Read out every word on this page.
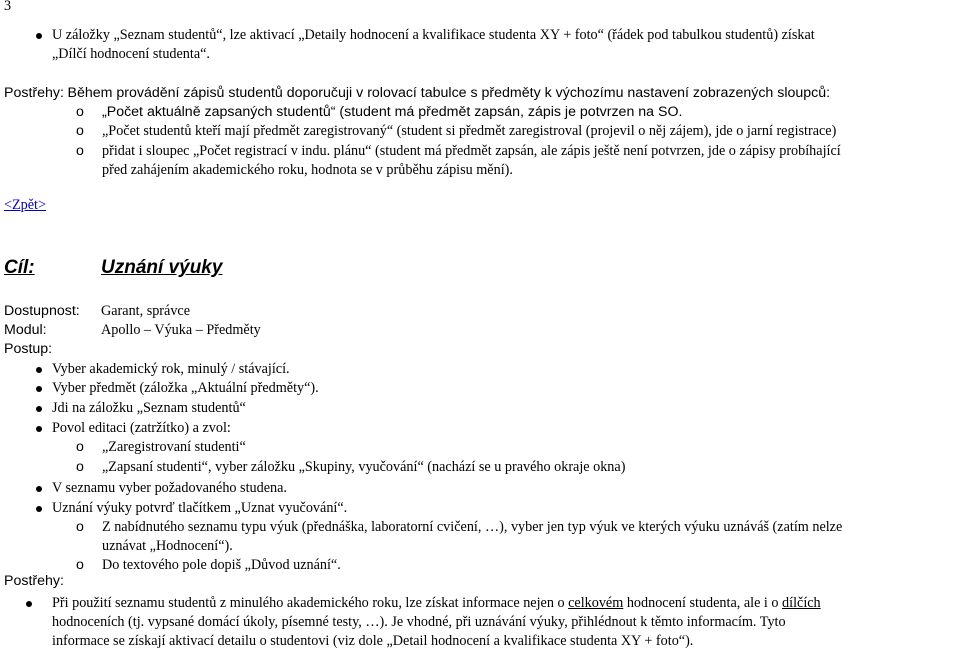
3
U záložky „Seznam studentů“, lze aktivací „Detaily hodnocení a kvalifikace studenta XY + foto“ (řádek pod tabulkou studentů) získat
„Dílčí hodnocení studenta“.
Postřehy: Během provádění zápisů studentů doporučuji v rolovací tabulce s předměty k výchozímu nastavení zobrazených sloupců:
o „Počet aktuálně zapsaných studentů“ (student má předmět zapsán, zápis je potvrzen na SO.
o „Počet studentů kteří mají předmět zaregistrovaný“ (student si předmět zaregistroval (projevil o něj zájem), jde o jarní registrace)
o přidat i sloupec „Počet registrací v indu. plánu“ (student má předmět zapsán, ale zápis ještě není potvrzen, jde o zápisy probíhající
před zahájením akademického roku, hodnota se v průběhu zápisu mění).
<Zpět>
Cíl:	Uznání výuky
Dostupnost: Garant, správce
Modul:	Apollo – Výuka – Předměty
Postup:
Vyber akademický rok, minulý / stávající.
Vyber předmět (záložka „Aktuální předměty“).
Jdi na záložku „Seznam studentů“
Povol editaci (zatržítko) a zvol:
o „Zaregistrovaní studenti“
o „Zapsaní studenti“, vyber záložku „Skupiny, vyučování“ (nachází se u pravého okraje okna)
V seznamu vyber požadovaného studena.
Uznání výuky potvrď tlačítkem „Uznat vyučování“.
o Z nabídnutého seznamu typu výuk (přednáška, laboratorní cvičení, …), vyber jen typ výuk ve kterých výuku uznáváš (zatím nelze
uznávat „Hodnocení“).
o Do textového pole dopiš „Důvod uznání“.
Postřehy:
Při použití seznamu studentů z minulého akademického roku, lze získat informace nejen o celkovém hodnocení studenta, ale i o dílčích
hodnoceních (tj. vypsané domácí úkoly, písemné testy, …). Je vhodné, při uznávání výuky, přihlédnout k těmto informacím. Tyto
informace se získají aktivací detailu o studentovi (viz dole „Detail hodnocení a kvalifikace studenta XY + foto“).
